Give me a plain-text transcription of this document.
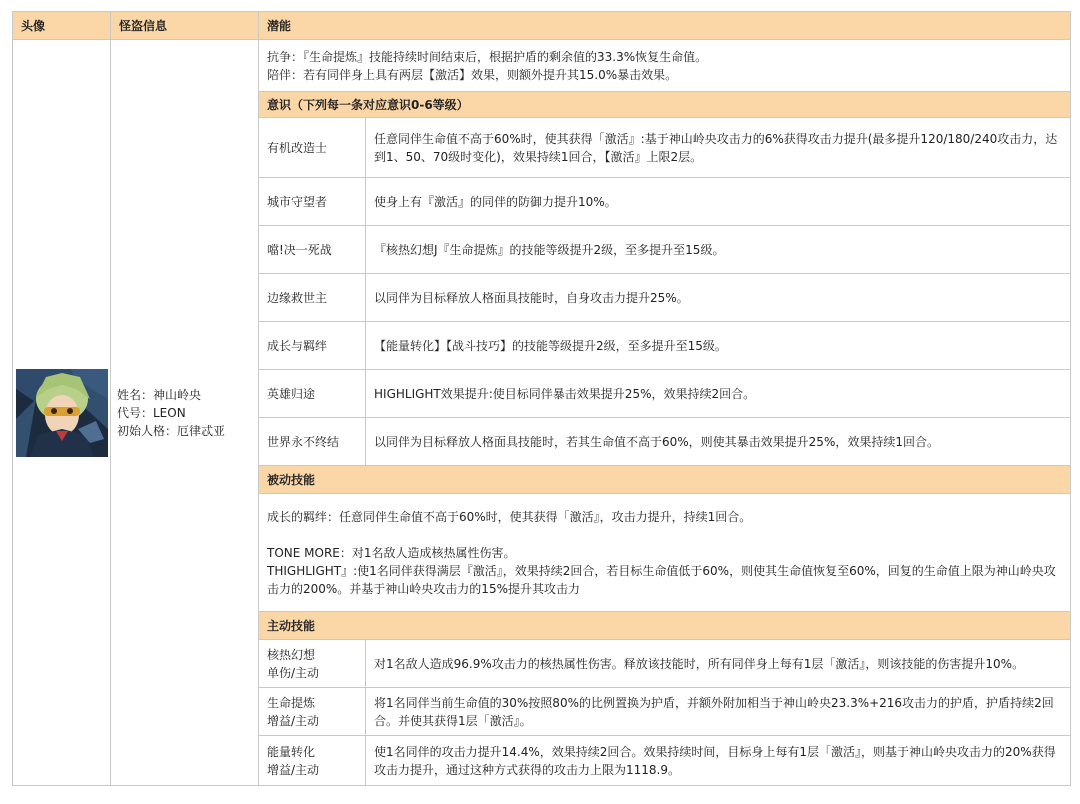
头像	怪盗信息	潜能	

姓名：神山岭央
代号：LEON
初始人格：厄律忒亚	抗争：『生命提炼』技能持续时间结束后，根据护盾的剩余值的33.3%恢复生命值。
陪伴：若有同伴身上具有两层【激活】效果，则额外提升其15.0%暴击效果。	

		意识（下列每一条对应意识0-6等级）	
		有机改造士	任意同伴生命值不高于60%时，使其获得「激活』:基于神山岭央攻击力的6%获得攻击力提升(最多提升120/180/240攻击力，达到1、50、70级时变化)，效果持续1回合，【激活』上限2层。
		城市守望者	使身上有『激活』的同伴的防御力提升10%。
		噹!决一死战	『核热幻想J『生命提炼』的技能等级提升2级，至多提升至15级。
		边缘救世主	以同伴为目标释放人格面具技能时，自身攻击力提升25%。
		成长与羁绊	【能量转化】【战斗技巧】的技能等级提升2级，至多提升至15级。
		英雄归途	HIGHLIGHT效果提升:使目标同伴暴击效果提升25%，效果持续2回合。
		世界永不终结	以同伴为目标释放人格面具技能时，若其生命值不高于60%，则使其暴击效果提升25%，效果持续1回合。
		被动技能	

		成长的羁绊：任意同伴生命值不高于60%时，使其获得「激活』，攻击力提升，持续1回合。
TONE MORE：对1名敌人造成核热属性伤害。
THIGHLIGHT』:使1名同伴获得满层『激活』，效果持续2回合，若目标生命值低于60%，则使其生命值恢复至60%，回复的生命值上限为神山岭央攻击力的200%。并基于神山岭央攻击力的15%提升其攻击力	

		主动技能	

		核热幻想
单伤/主动	对1名敌人造成96.9%攻击力的核热属性伤害。释放该技能时，所有同伴身上每有1层「激活』，则该技能的伤害提升10%。

		生命提炼
增益/主动	将1名同伴当前生命值的30%按照80%的比例置换为护盾，并额外附加相当于神山岭央23.3%+216攻击力的护盾，护盾持续2回合。并使其获得1层「激活』。

		能量转化
增益/主动	使1名同伴的攻击力提升14.4%，效果持续2回合。效果持续时间，目标身上每有1层「激活』，则基于神山岭央攻击力的20%获得攻击力提升，通过这种方式获得的攻击力上限为1118.9。
